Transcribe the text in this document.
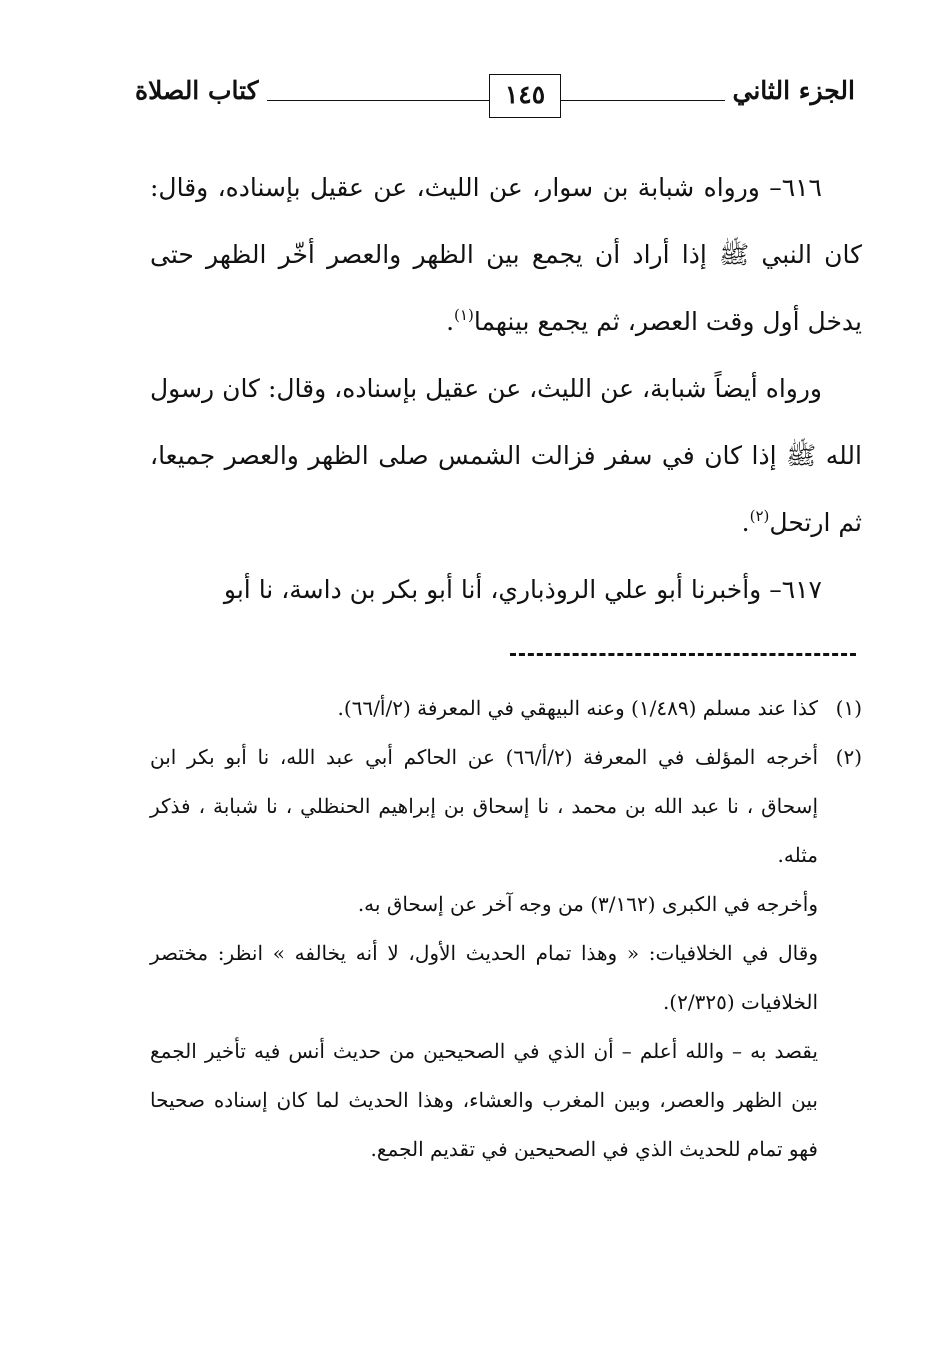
الجزء الثاني
١٤٥
كتاب الصلاة

٦١٦– ورواه شبابة بن سوار، عن الليث، عن عقيل بإسناده، وقال: كان النبي ﷺ إذا أراد أن يجمع بين الظهر والعصر أخّر الظهر حتى يدخل أول وقت العصر، ثم يجمع بينهما$^{(١)}$.

ورواه أيضاً شبابة، عن الليث، عن عقيل بإسناده، وقال: كان رسول الله ﷺ إذا كان في سفر فزالت الشمس صلى الظهر والعصر جميعا، ثم ارتحل$^{(٢)}$.

٦١٧– وأخبرنا أبو علي الروذباري، أنا أبو بكر بن داسة، نا أبو

(١)

كذا عند مسلم (١/٤٨٩) وعنه البيهقي في المعرفة (٢/أ/٦٦).

(٢)

أخرجه المؤلف في المعرفة (٢/أ/٦٦) عن الحاكم أبي عبد الله، نا أبو بكر ابن إسحاق ، نا عبد الله بن محمد ، نا إسحاق بن إبراهيم الحنظلي ، نا شبابة ، فذكر مثله.

وأخرجه في الكبرى (٣/١٦٢) من وجه آخر عن إسحاق به.

وقال في الخلافيات: « وهذا تمام الحديث الأول، لا أنه يخالفه » انظر: مختصر الخلافيات (٢/٣٢٥).

يقصد به – والله أعلم – أن الذي في الصحيحين من حديث أنس فيه تأخير الجمع بين الظهر والعصر، وبين المغرب والعشاء، وهذا الحديث لما كان إسناده صحيحا فهو تمام للحديث الذي في الصحيحين في تقديم الجمع.
